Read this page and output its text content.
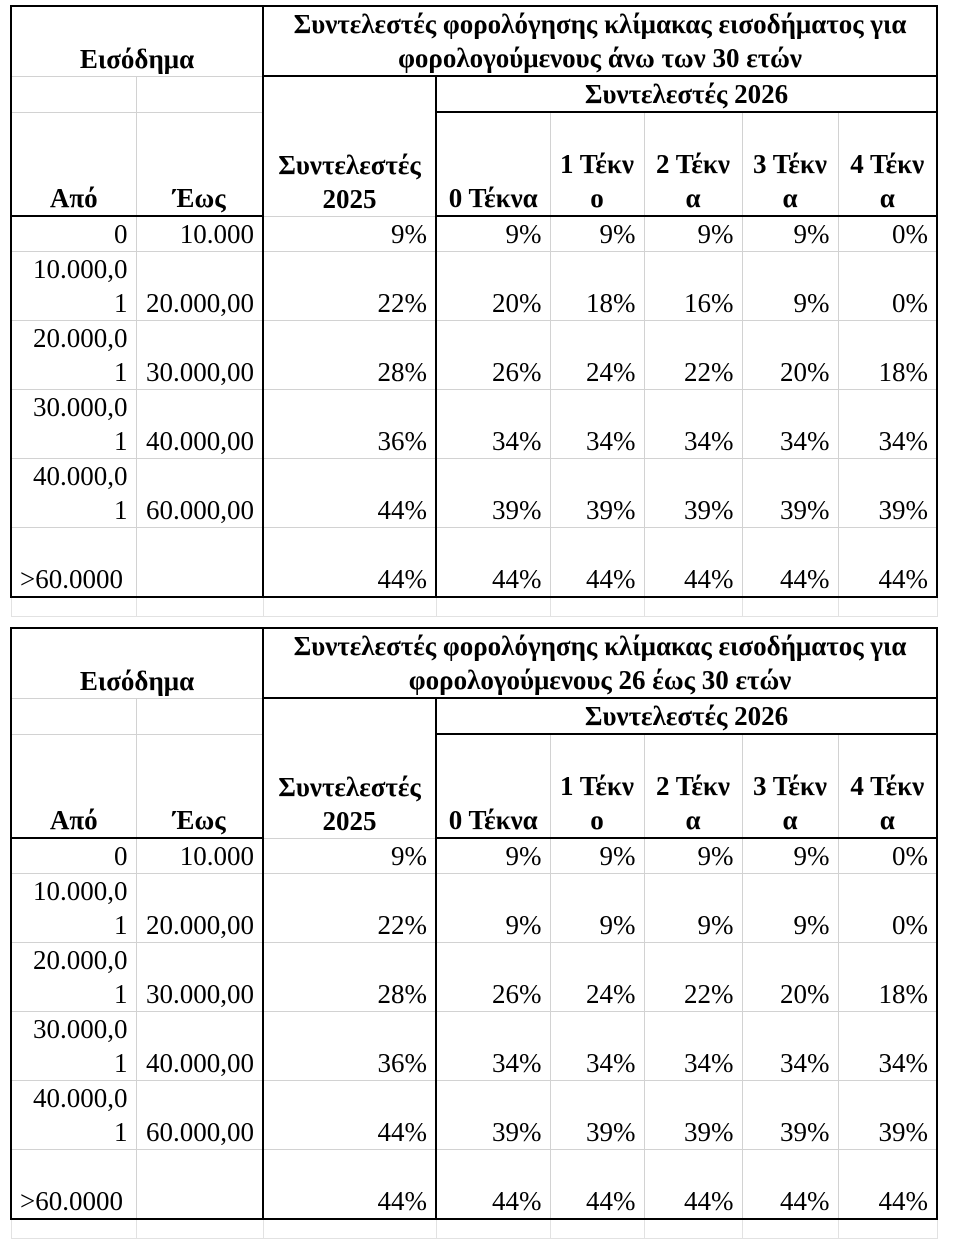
Εισόδημα		Συντελεστές φορολόγησης κλίμακας εισοδήματος για φορολογούμενους άνω των 30 ετών					
		Συντελεστές 2025	Συντελεστές 2026				
Από	Έως		0 Τέκνα	1 Τέκνο	2 Τέκνα	3 Τέκνα	4 Τέκνα
0	10.000	9%	9%	9%	9%	9%	0%
10.000,01	20.000,00	22%	20%	18%	16%	9%	0%
20.000,01	30.000,00	28%	26%	24%	22%	20%	18%
30.000,01	40.000,00	36%	34%	34%	34%	34%	34%
40.000,01	60.000,00	44%	39%	39%	39%	39%	39%
>60.0000		44%	44%	44%	44%	44%	44%

Εισόδημα		Συντελεστές φορολόγησης κλίμακας εισοδήματος για φορολογούμενους 26 έως 30 ετών					
		Συντελεστές 2025	Συντελεστές 2026				
Από	Έως		0 Τέκνα	1 Τέκνο	2 Τέκνα	3 Τέκνα	4 Τέκνα
0	10.000	9%	9%	9%	9%	9%	0%
10.000,01	20.000,00	22%	9%	9%	9%	9%	0%
20.000,01	30.000,00	28%	26%	24%	22%	20%	18%
30.000,01	40.000,00	36%	34%	34%	34%	34%	34%
40.000,01	60.000,00	44%	39%	39%	39%	39%	39%
>60.0000		44%	44%	44%	44%	44%	44%
